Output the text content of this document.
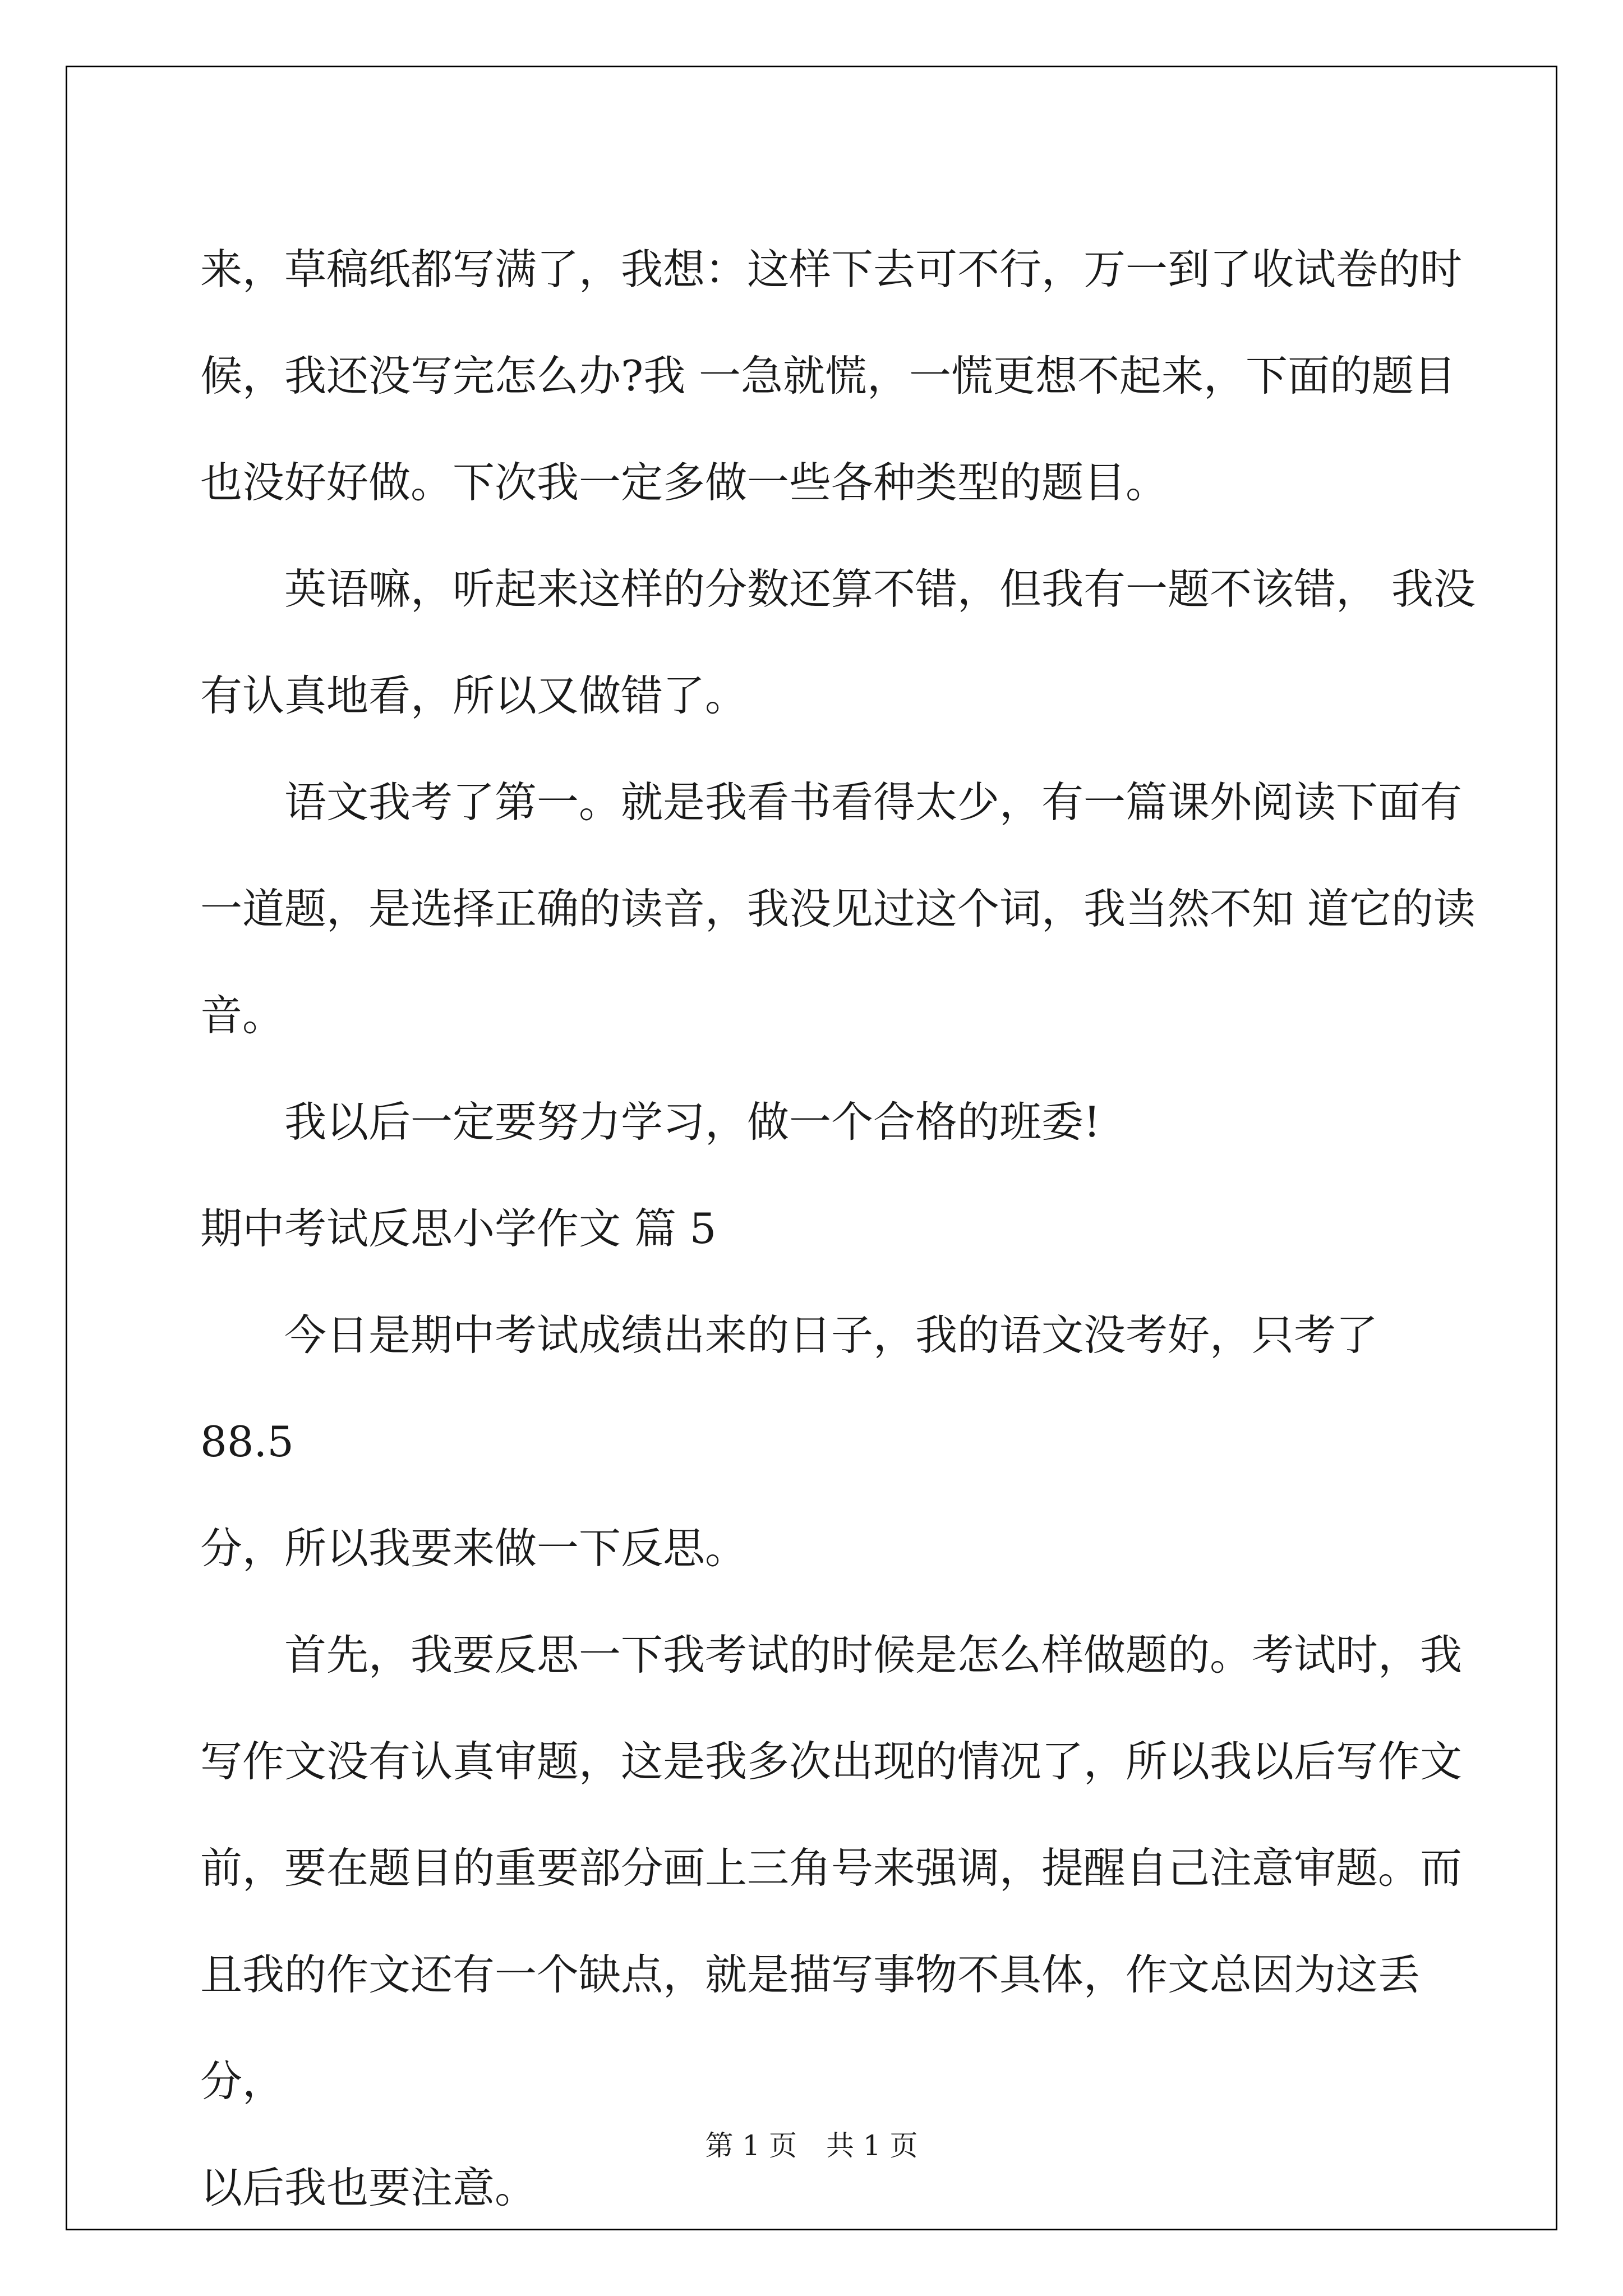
来，草稿纸都写满了，我想：这样下去可不行，万一到了收试卷的时
候，我还没写完怎么办?我 一急就慌，一慌更想不起来，下面的题目
也没好好做。下次我一定多做一些各种类型的题目。

英语嘛，听起来这样的分数还算不错，但我有一题不该错， 我没
有认真地看，所以又做错了。

语文我考了第一。就是我看书看得太少，有一篇课外阅读下面有
一道题，是选择正确的读音，我没见过这个词，我当然不知 道它的读
音。

我以后一定要努力学习，做一个合格的班委!

期中考试反思小学作文 篇 5

今日是期中考试成绩出来的日子，我的语文没考好，只考了 88.5
分，所以我要来做一下反思。

首先，我要反思一下我考试的时候是怎么样做题的。考试时，我
写作文没有认真审题，这是我多次出现的情况了，所以我以后写作文
前，要在题目的重要部分画上三角号来强调，提醒自己注意审题。而
且我的作文还有一个缺点，就是描写事物不具体，作文总因为这丢分，
以后我也要注意。

第 1 页 共 1 页
